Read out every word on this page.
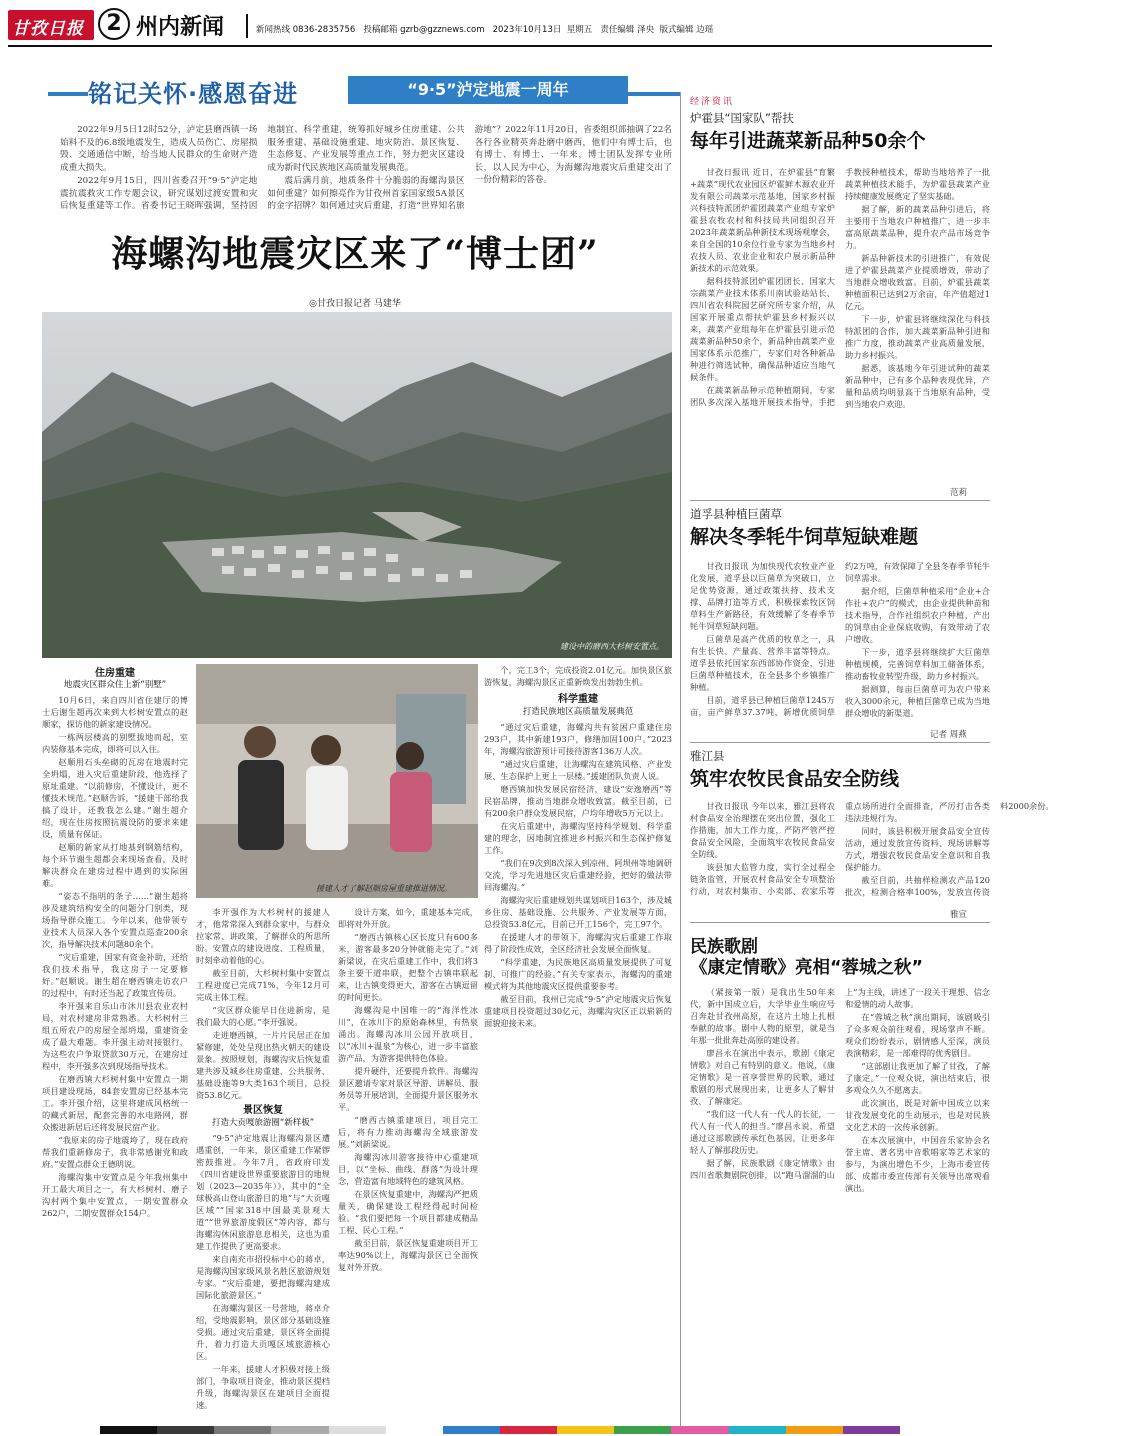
甘孜日报	2 州内新闻	新闻热线 0836-2835756 投稿邮箱 gzrb@gzznews.com 2023年10月13日 星期五 责任编辑 泽央 版式编辑 边瑶
铭记关怀·感恩奋进	“9·5”泸定地震一周年

2022年9月5日12时52分，泸定县磨西镇一场始料不及的6.8级地震发生，造成人员伤亡、房屋损毁、交通通信中断，给当地人民群众的生命财产造成重大损失。

2022年9月15日，四川省委召开“9·5”泸定地震抗震救灾工作专题会议，研究谋划过渡安置和灾后恢复重建等工作。省委书记王晓晖强调，坚持因地制宜、科学重建，统筹抓好城乡住房重建、公共服务重建、基础设施重建、地灾防治、景区恢复、生态修复、产业发展等重点工作，努力把灾区建设成为新时代民族地区高质量发展典范。

震后满月前，地质条件十分脆弱的海螺沟景区如何重建？如何擦亮作为甘孜州首家国家级5A景区的金字招牌？如何通过灾后重建，打造“世界知名旅游地”？2022年11月20日，省委组织部抽调了22名各行各业精英奔赴磨中磨西，他们中有博士后，也有博士、有博士、一年来，博士团队发挥专业所长，以人民为中心，为海螺沟地震灾后重建交出了一份份精彩的答卷。

海螺沟地震灾区来了“博士团”
◎甘孜日报记者 马建华
建设中的磨西大杉树安置点。
住房重建
地震灾区群众住上新“别墅”

10月6日，来自四川省住建厅的博士后谢生超再次来到大杉树安置点的赵顺家，探访他的新家建设情况。

一栋两层楼高的别墅拔地而起，室内装修基本完成，即将可以入住。

赵顺用石头垒砌的瓦房在地震时完全坍塌，进入灾后重建阶段，他选择了原址重建。“以前修房，不懂设计，更不懂技术规范。”赵顺告诉，“援建干部给我搞了设计，还教我怎么建。”谢生超介绍，现在住房按照抗震设防的要求来建设，质量有保证。

赵顺的新家从打地基到钢筋结构，每个环节谢生超都会来现场查看，及时解决群众在建房过程中遇到的实际困难。

“姿态不指明的条子……”谢生超将涉及建筑结构安全的问题分门别类，现场指导群众施工。今年以来，他带领专业技术人员深入各个安置点巡查200余次，指导解决技术问题80余个。

“灾后重建，国家有资金补助，还给我们技术指导，我这房子一定要修好。”赵顺说。谢生超在磨西镇走访农户的过程中，有时还当起了政策宣传员。

李开强来自乐山市沐川县农业农村局，对农村建房非常熟悉。大杉树村三组五所农户的房屋全部坍塌，重建资金成了最大难题。李开强主动对接银行，为这些农户争取贷款30万元，在建房过程中，李开强多次到现场指导技术。

在磨西镇大杉树村集中安置点一期项目建设现场，84套安置房已经基本完工。李开强介绍，这里将建成风格统一的藏式新居，配套完善的水电路网，群众搬进新居后还将发展民宿产业。

“我原来的房子地震垮了，现在政府帮我们重新修房子，我非常感谢党和政府。”安置点群众王德明说。

海螺沟集中安置点是今年我州集中开工最大项目之一，有大杉树村、磨子沟村两个集中安置点，一期安置群众262户，二期安置群众154户。

援建人才了解赵顺房屋重建推进情况。

李开强作为大杉树村的援建人才，他常常深入到群众家中，与群众拉家常、讲政策，了解群众的所思所盼。安置点的建设进度、工程质量，时刻牵动着他的心。

截至目前，大杉树村集中安置点工程进度已完成71%，今年12月可完成主体工程。

“灾区群众能早日住进新房，是我们最大的心愿。”李开强说。

走进磨西镇，一片片民居正在加紧修建，处处呈现出热火朝天的建设景象。按照规划，海螺沟灾后恢复重建共涉及城乡住房重建、公共服务、基础设施等9大类163个项目，总投资53.8亿元。

景区恢复
打造大贡嘎旅游圈“新样板”

“9·5”泸定地震让海螺沟景区遭遇重创，一年来，景区重建工作紧锣密鼓推进。今年7月，省政府印发《四川省建设世界重要旅游目的地规划（2023—2035年）》，其中的“全球极高山登山旅游目的地”与“大贡嘎区域”“国家318中国最美景观大道”“世界旅游度假区”等内容，都与海螺沟休闲旅游息息相关，这也为重建工作提供了更高要求。

来自南充市招投标中心的蒋卓，是海螺沟国家级风景名胜区旅游规划专家。“灾后重建，要把海螺沟建成国际化旅游景区。”

在海螺沟景区一号营地，蒋卓介绍，受地震影响，景区部分基础设施受损。通过灾后重建，景区将全面提升，着力打造大贡嘎区域旅游核心区。

一年来，援建人才积极对接上级部门，争取项目资金，推动景区提档升级，海螺沟景区在建项目全面提速。

设计方案，如今，重建基本完成，即将对外开放。

“磨西古镇核心区长度只有600多米，游客最多20分钟就能走完了。”刘新梁说，在灾后重建工作中，我们将3条主要干道串联，把整个古镇串联起来，让古镇变得更大，游客在古镇逗留的时间更长。

海螺沟是中国唯一的“海洋性冰川”，在冰川下的原始森林里，有热泉涌出。海螺沟冰川公园开放项目，以“冰川+温泉”为核心，进一步丰富旅游产品，为游客提供特色体验。

提升硬件，还要提升软件。海螺沟景区邀请专家对景区导游、讲解员、服务员等开展培训，全面提升景区服务水平。

“磨西古镇重建项目，项目完工后，将有力推动海螺沟全域旅游发展。”刘新梁说。

海螺沟冰川游客接待中心重建项目，以“坐标、曲线、群落”为设计理念，营造富有地域特色的建筑风格。

在景区恢复重建中，海螺沟严把质量关，确保建设工程经得起时间检验。“我们要把每一个项目都建成精品工程、民心工程。”

截至目前，景区恢复重建项目开工率达90%以上，海螺沟景区已全面恢复对外开放。

个，完工3个，完成投资2.01亿元。加快景区旅游恢复，海螺沟景区正重新焕发出勃勃生机。

科学重建
打造民族地区高质量发展典范

“通过灾后重建，海螺沟共有贫困户重建住房293户，其中新建193户，修缮加固100户。”2023年，海螺沟旅游预计可接待游客136万人次。

“通过灾后重建，让海螺沟在建筑风格、产业发展、生态保护上更上一层楼。”援建团队负责人说。

磨西镇加快发展民宿经济，建设“安逸磨西”等民宿品牌，推动当地群众增收致富。截至目前，已有200余户群众发展民宿，户均年增收5万元以上。

在灾后重建中，海螺沟坚持科学规划、科学重建的理念，因地制宜推进乡村振兴和生态保护修复工作。

“我们在9次到8次深入到凉州、阿坝州等地调研交流，学习先进地区灾后重建经验，把好的做法带回海螺沟。”

海螺沟灾后重建规划共谋划项目163个，涉及城乡住房、基础设施、公共服务、产业发展等方面，总投资53.8亿元，目前已开工156个，完工97个。

在援建人才的带领下，海螺沟灾后重建工作取得了阶段性成效，全区经济社会发展全面恢复。

“科学重建，为民族地区高质量发展提供了可复制、可推广的经验。”有关专家表示，海螺沟的重建模式将为其他地震灾区提供重要参考。

截至目前，我州已完成“9·5”泸定地震灾后恢复重建项目投资超过30亿元，海螺沟灾区正以崭新的面貌迎接未来。

经济资讯
炉霍县“国家队”帮扶
每年引进蔬菜新品种50余个

甘孜日报讯 近日，在炉霍县“育繁+蔬菜”现代农业园区炉霍鲜木源农业开发有限公司蔬菜示范基地，国家乡村振兴科技特派团炉霍团蔬菜产业组专家炉霍县农牧农村和科技局共同组织召开2023年蔬菜新品种新技术现场观摩会，来自全国的10余位行业专家为当地乡村农技人员、农业企业和农户展示新品种新技术的示范效果。

据科技特派团炉霍团团长、国家大宗蔬菜产业技术体系川南试验站站长、四川省农科院园艺研究所专家介绍，从国家开展重点帮扶炉霍县乡村振兴以来，蔬菜产业组每年在炉霍县引进示范蔬菜新品种50余个，新品种由蔬菜产业国家体系示范推广，专家们对各种新品种进行筛选试种，确保品种适应当地气候条件。

在蔬菜新品种示范种植期间，专家团队多次深入基地开展技术指导，手把手教授种植技术，帮助当地培养了一批蔬菜种植技术能手，为炉霍县蔬菜产业持续健康发展奠定了坚实基础。

据了解，新的蔬菜品种引进后，将主要用于当地农户种植推广，进一步丰富高原蔬菜品种，提升农产品市场竞争力。

新品种新技术的引进推广，有效促进了炉霍县蔬菜产业提质增效，带动了当地群众增收致富。目前，炉霍县蔬菜种植面积已达到2万余亩，年产值超过1亿元。

下一步，炉霍县将继续深化与科技特派团的合作，加大蔬菜新品种引进和推广力度，推动蔬菜产业高质量发展，助力乡村振兴。

据悉，该基地今年引进试种的蔬菜新品种中，已有多个品种表现优异，产量和品质均明显高于当地原有品种，受到当地农户欢迎。

范莉
道孚县种植巨菌草
解决冬季牦牛饲草短缺难题

甘孜日报讯 为加快现代农牧业产业化发展，道孚县以巨菌草为突破口，立足优势资源，通过政策扶持、技术支撑、品牌打造等方式，积极探索牧区饲草料生产新路径，有效缓解了冬春季节牦牛饲草短缺问题。

巨菌草是高产优质的牧草之一，具有生长快、产量高、营养丰富等特点。道孚县依托国家东西部协作资金，引进巨菌草种植技术，在全县多个乡镇推广种植。

目前，道孚县已种植巨菌草1245万亩，亩产鲜草37.37吨，新增优质饲草约2万吨，有效保障了全县冬春季节牦牛饲草需求。

据介绍，巨菌草种植采用“企业+合作社+农户”的模式，由企业提供种苗和技术指导，合作社组织农户种植，产出的饲草由企业保底收购，有效带动了农户增收。

下一步，道孚县将继续扩大巨菌草种植规模，完善饲草料加工储备体系，推动畜牧业转型升级，助力乡村振兴。

据测算，每亩巨菌草可为农户带来收入3000余元，种植巨菌草已成为当地群众增收的新渠道。

记者 周燕
雅江县
筑牢农牧民食品安全防线

甘孜日报讯 今年以来，雅江县将农村食品安全治理摆在突出位置，强化工作措施，加大工作力度，严防严管严控食品安全风险，全面筑牢农牧民食品安全防线。

该县加大监管力度，实行全过程全链条监管，开展农村食品安全专项整治行动，对农村集市、小卖部、农家乐等重点场所进行全面排查，严厉打击各类违法违规行为。

同时，该县积极开展食品安全宣传活动，通过发放宣传资料、现场讲解等方式，增强农牧民食品安全意识和自我保护能力。

截至目前，共抽样检测农产品120批次，检测合格率100%，发放宣传资料2000余份。

雅宣
民族歌剧
《康定情歌》亮相“蓉城之秋”

（紧接第一版）是我出生50年来代，新中国成立后，大学毕业生响应号召奔赴甘孜州高原，在这片土地上扎根奉献的故事。剧中人物的原型，就是当年那一批批奔赴高原的建设者。

廖昌永在演出中表示，歌剧《康定情歌》对自己有特别的意义。他说，《康定情歌》是一首享誉世界的民歌，通过歌剧的形式展现出来，让更多人了解甘孜、了解康定。

“我们这一代人有一代人的长征，一代人有一代人的担当。”廖昌永说，希望通过这部歌剧传承红色基因，让更多年轻人了解那段历史。

据了解，民族歌剧《康定情歌》由四川省歌舞剧院创排，以“跑马溜溜的山上”为主线，讲述了一段关于理想、信念和爱情的动人故事。

在“蓉城之秋”演出期间，该剧吸引了众多观众前往观看，现场掌声不断。观众们纷纷表示，剧情感人至深，演员表演精彩，是一部难得的优秀剧目。

“这部剧让我更加了解了甘孜，了解了康定。”一位观众说，演出结束后，很多观众久久不愿离去。

此次演出，既是对新中国成立以来甘孜发展变化的生动展示，也是对民族文化艺术的一次传承创新。

在本次展演中，中国音乐家协会名誉主席、著名男中音歌唱家等艺术家的参与，为演出增色不少，上海市委宣传部、成都市委宣传部有关领导出席观看演出。
